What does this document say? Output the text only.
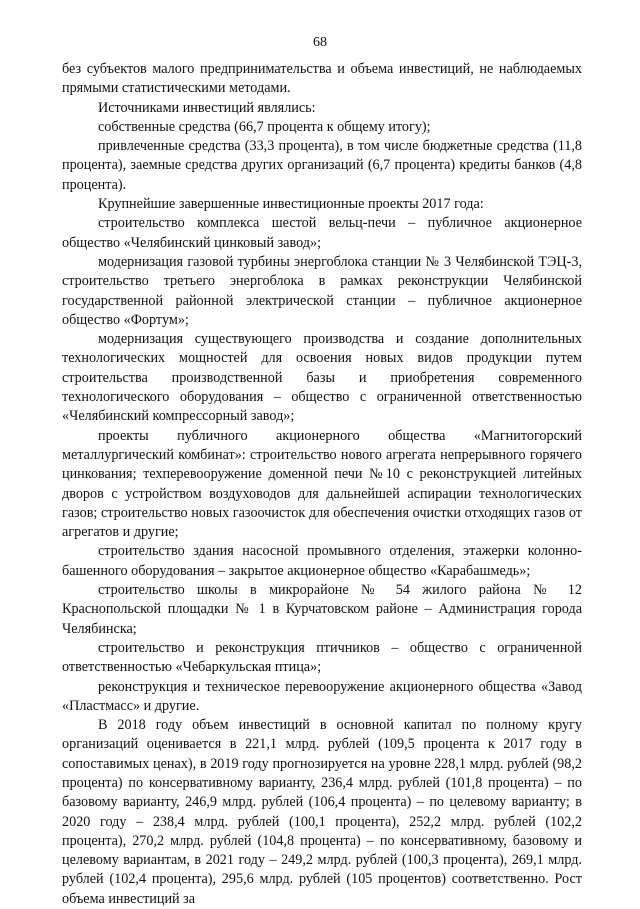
68

без субъектов малого предпринимательства и объема инвестиций, не наблюдаемых прямыми статистическими методами.

Источниками инвестиций являлись:

собственные средства (66,7 процента к общему итогу);

привлеченные средства (33,3 процента), в том числе бюджетные средства (11,8 процента), заемные средства других организаций (6,7 процента) кредиты банков (4,8 процента).

Крупнейшие завершенные инвестиционные проекты 2017 года:

строительство комплекса шестой вельц-печи – публичное акционерное общество «Челябинский цинковый завод»;

модернизация газовой турбины энергоблока станции № 3 Челябинской ТЭЦ-3, строительство третьего энергоблока в рамках реконструкции Челябинской государственной районной электрической станции – публичное акционерное общество «Фортум»;

модернизация существующего производства и создание дополнительных технологических мощностей для освоения новых видов продукции путем строительства производственной базы и приобретения современного технологического оборудования – общество с ограниченной ответственностью «Челябинский компрессорный завод»;

проекты публичного акционерного общества «Магнитогорский металлургический комбинат»: строительство нового агрегата непрерывного горячего цинкования; техперевооружение доменной печи №10 с реконструкцией литейных дворов с устройством воздуховодов для дальнейшей аспирации технологических газов; строительство новых газоочисток для обеспечения очистки отходящих газов от агрегатов и другие;

строительство здания насосной промывного отделения, этажерки колонно-башенного оборудования – закрытое акционерное общество «Карабашмедь»;

строительство школы в микрорайоне № 54 жилого района № 12 Краснопольской площадки № 1 в Курчатовском районе – Администрация города Челябинска;

строительство и реконструкция птичников – общество с ограниченной ответственностью «Чебаркульская птица»;

реконструкция и техническое перевооружение акционерного общества «Завод «Пластмасс» и другие.

В 2018 году объем инвестиций в основной капитал по полному кругу организаций оценивается в 221,1 млрд. рублей (109,5 процента к 2017 году в сопоставимых ценах), в 2019 году прогнозируется на уровне 228,1 млрд. рублей (98,2 процента) по консервативному варианту, 236,4 млрд. рублей (101,8 процента) – по базовому варианту, 246,9 млрд. рублей (106,4 процента) – по целевому варианту; в 2020 году – 238,4 млрд. рублей (100,1 процента), 252,2 млрд. рублей (102,2 процента), 270,2 млрд. рублей (104,8 процента) – по консервативному, базовому и целевому вариантам, в 2021 году – 249,2 млрд. рублей (100,3 процента), 269,1 млрд. рублей (102,4 процента), 295,6 млрд. рублей (105 процентов) соответственно. Рост объема инвестиций за
